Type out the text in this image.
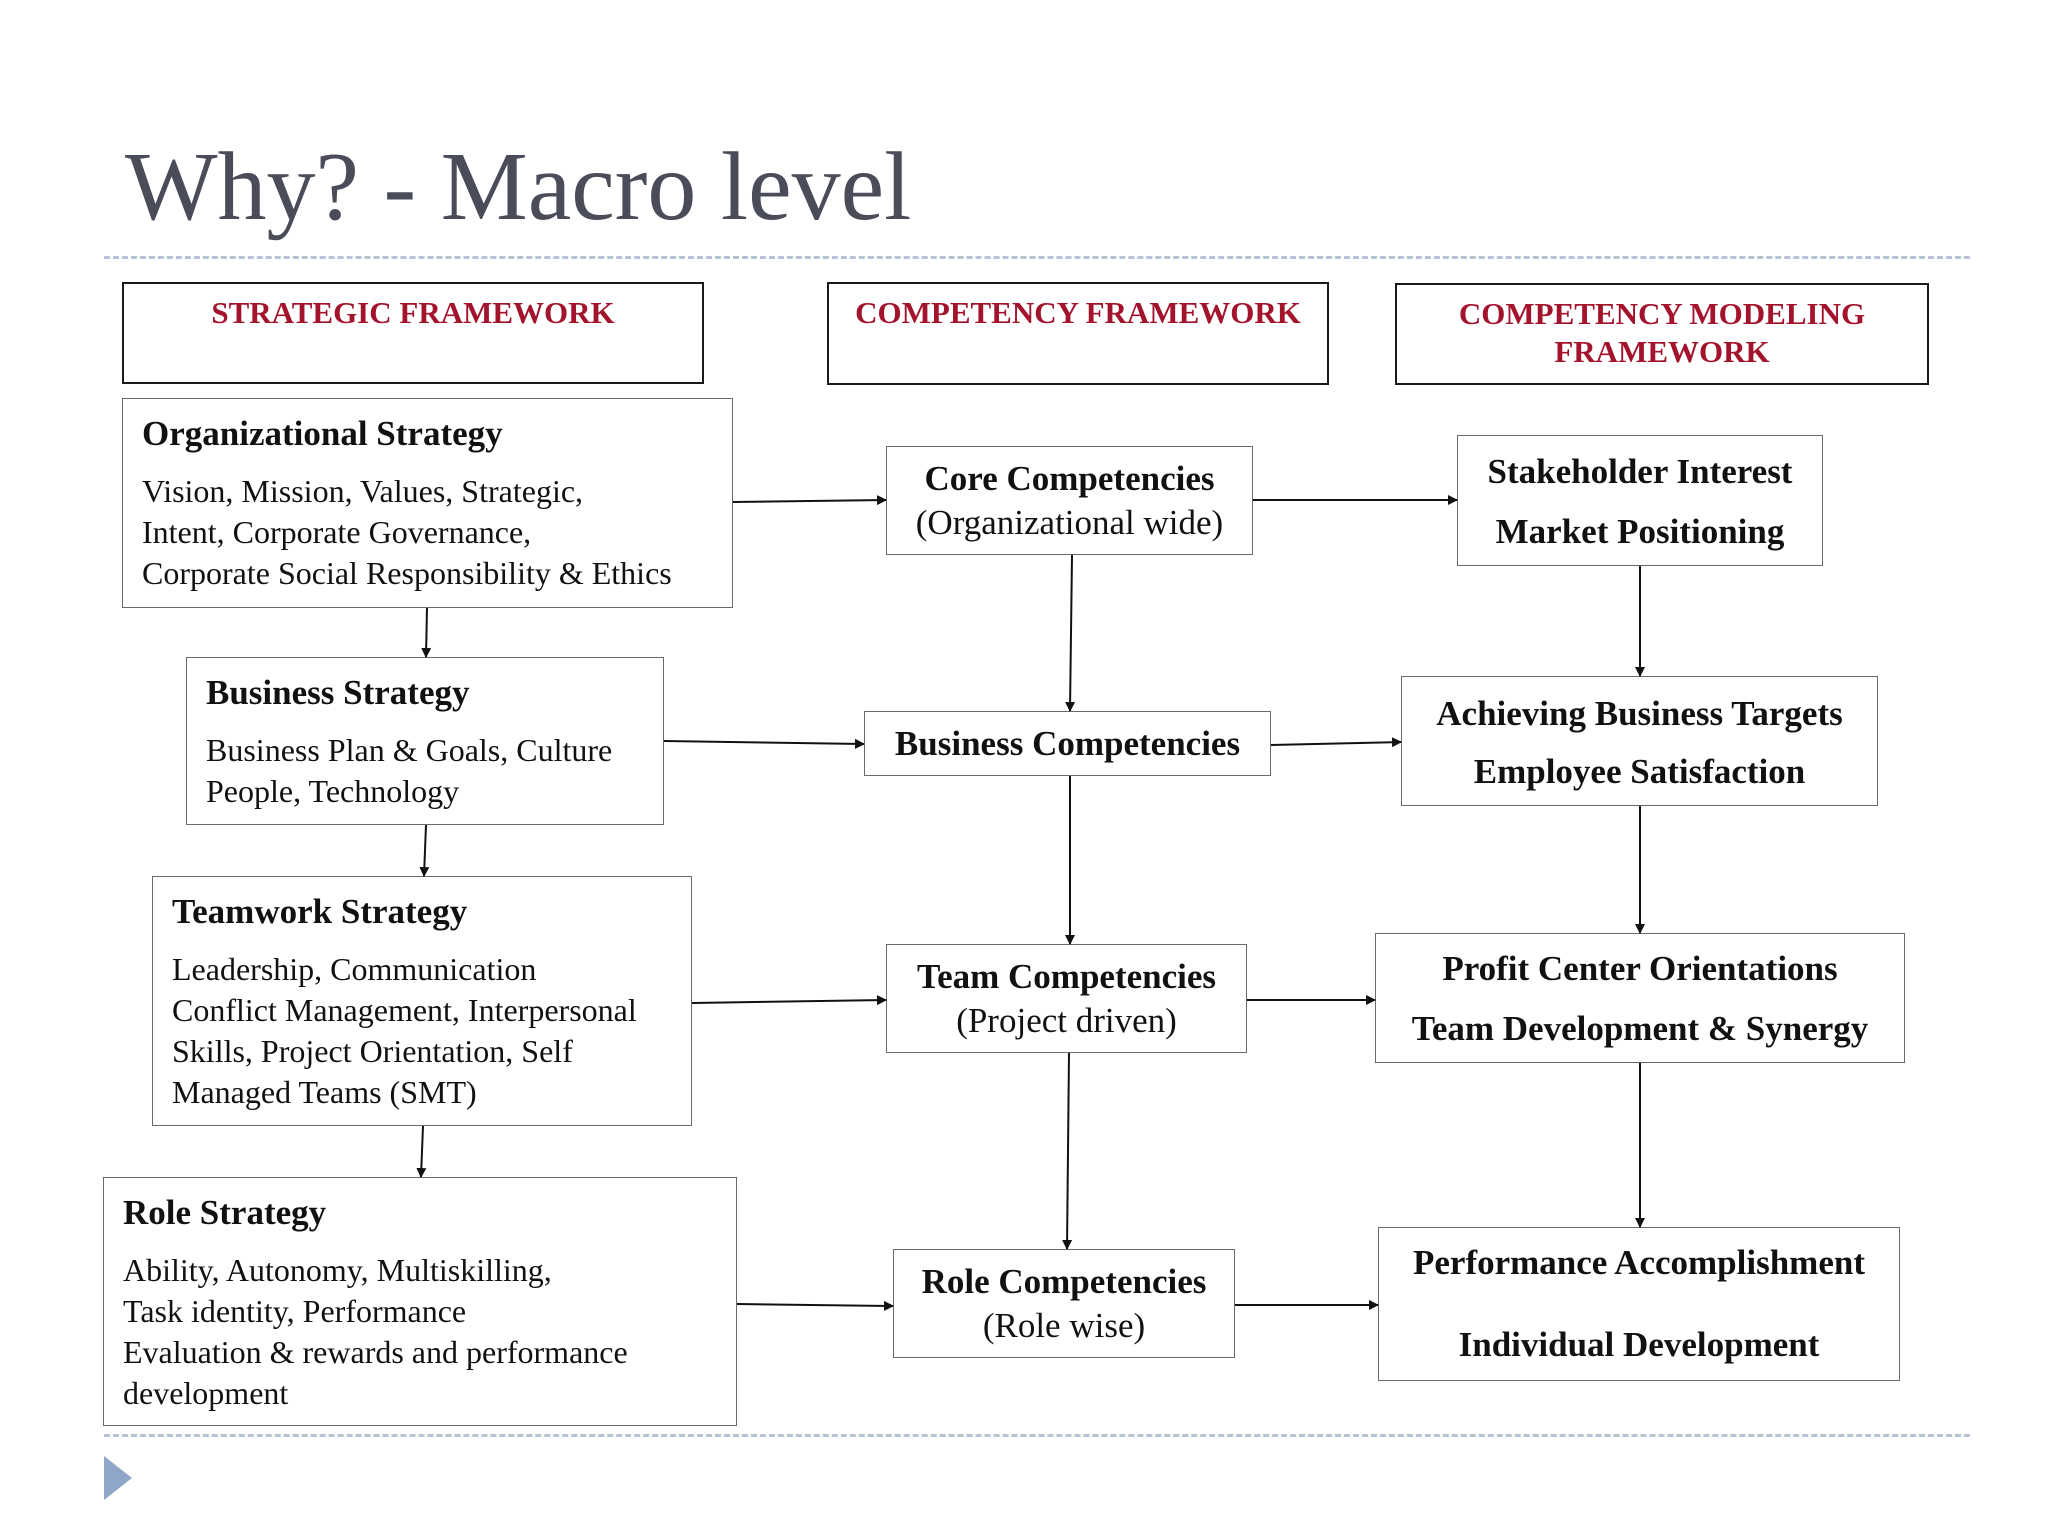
Why? - Macro level
STRATEGIC FRAMEWORK	COMPETENCY FRAMEWORK	COMPETENCY MODELING
FRAMEWORK
Organizational Strategy
Vision, Mission, Values, Strategic,
Intent, Corporate Governance,
Corporate Social Responsibility & Ethics
Business Strategy
Business Plan & Goals, Culture
People, Technology
Teamwork Strategy
Leadership, Communication
Conflict Management, Interpersonal
Skills, Project Orientation, Self
Managed Teams (SMT)
Role Strategy
Ability, Autonomy, Multiskilling,
Task identity, Performance
Evaluation & rewards and performance
development
Core Competencies
(Organizational wide)
Business Competencies
Team Competencies
(Project driven)
Role Competencies
(Role wise)
Stakeholder Interest
Market Positioning
Achieving Business Targets
Employee Satisfaction
Profit Center Orientations
Team Development & Synergy
Performance Accomplishment
Individual Development
